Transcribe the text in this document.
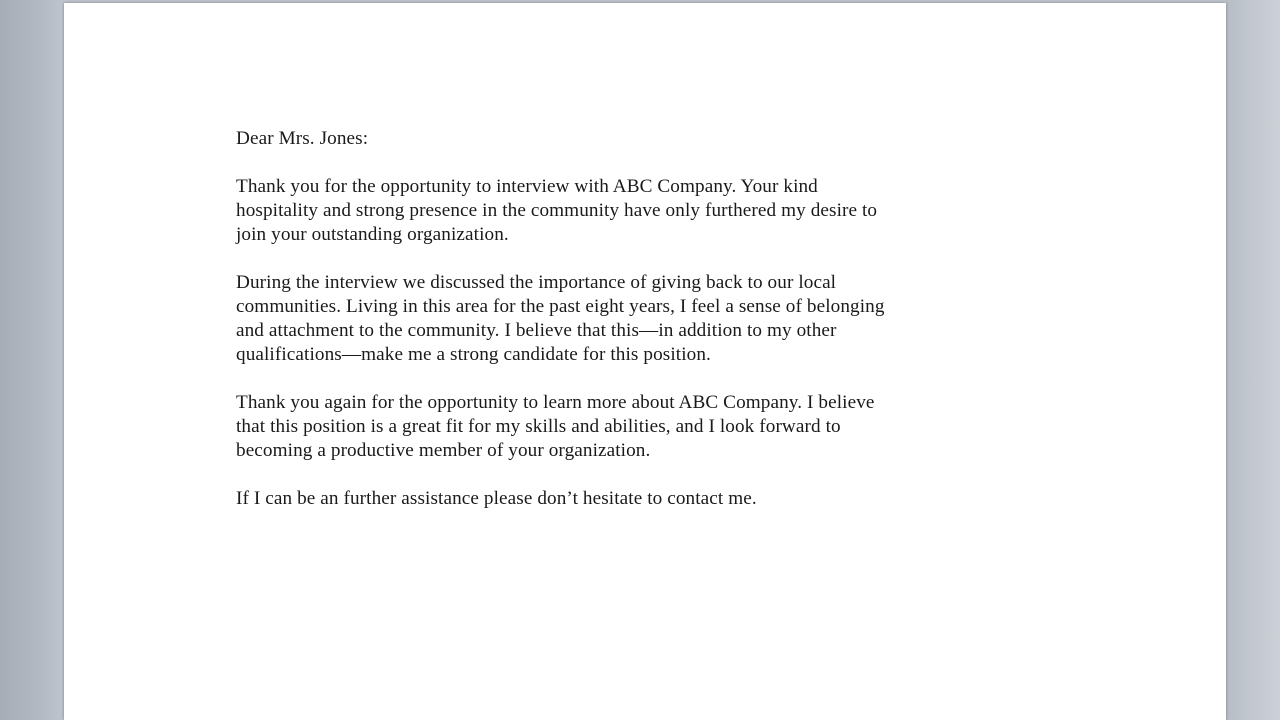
Dear Mrs. Jones:

Thank you for the opportunity to interview with ABC Company. Your kind
hospitality and strong presence in the community have only furthered my desire to
join your outstanding organization.

During the interview we discussed the importance of giving back to our local
communities. Living in this area for the past eight years, I feel a sense of belonging
and attachment to the community. I believe that this—in addition to my other
qualifications—make me a strong candidate for this position.

Thank you again for the opportunity to learn more about ABC Company. I believe
that this position is a great fit for my skills and abilities, and I look forward to
becoming a productive member of your organization.

If I can be an further assistance please don’t hesitate to contact me.
